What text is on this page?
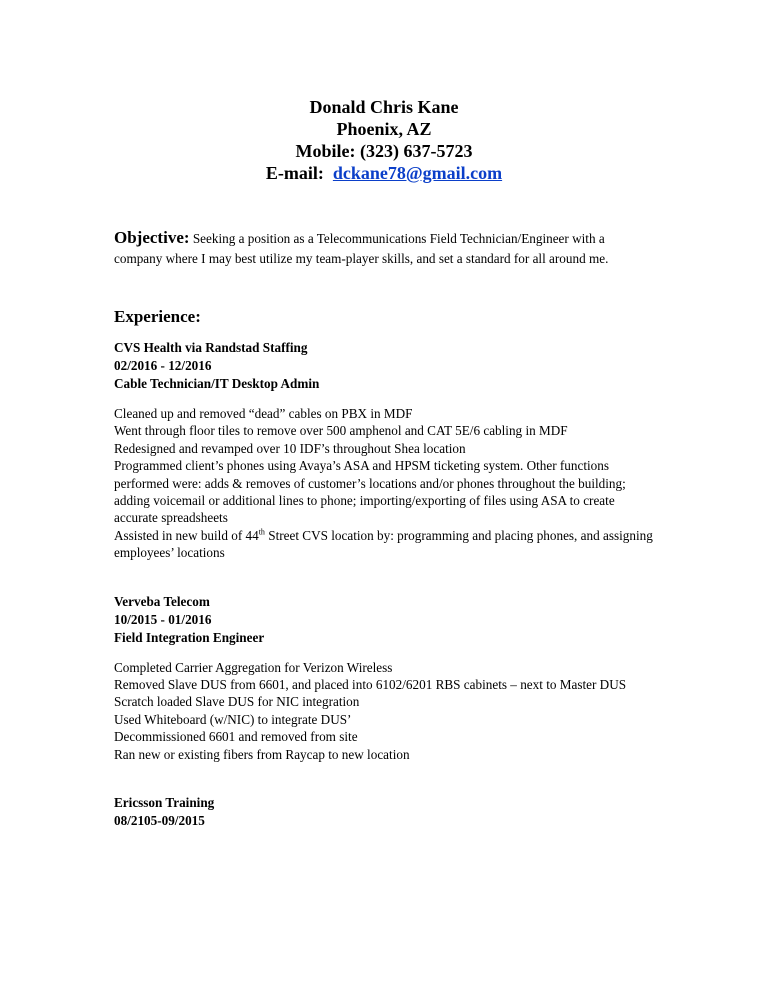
Donald Chris Kane
Phoenix, AZ
Mobile: (323) 637-5723
E-mail: dckane78@gmail.com
Objective: Seeking a position as a Telecommunications Field Technician/Engineer with a company where I may best utilize my team-player skills, and set a standard for all around me.
Experience:
CVS Health via Randstad Staffing
02/2016 - 12/2016
Cable Technician/IT Desktop Admin
Cleaned up and removed “dead” cables on PBX in MDF
Went through floor tiles to remove over 500 amphenol and CAT 5E/6 cabling in MDF
Redesigned and revamped over 10 IDF’s throughout Shea location
Programmed client’s phones using Avaya’s ASA and HPSM ticketing system. Other functions performed were: adds & removes of customer’s locations and/or phones throughout the building; adding voicemail or additional lines to phone; importing/exporting of files using ASA to create accurate spreadsheets
Assisted in new build of 44th Street CVS location by: programming and placing phones, and assigning employees’ locations
Verveba Telecom
10/2015 - 01/2016
Field Integration Engineer
Completed Carrier Aggregation for Verizon Wireless
Removed Slave DUS from 6601, and placed into 6102/6201 RBS cabinets – next to Master DUS
Scratch loaded Slave DUS for NIC integration
Used Whiteboard (w/NIC) to integrate DUS’
Decommissioned 6601 and removed from site
Ran new or existing fibers from Raycap to new location
Ericsson Training
08/2105-09/2015
